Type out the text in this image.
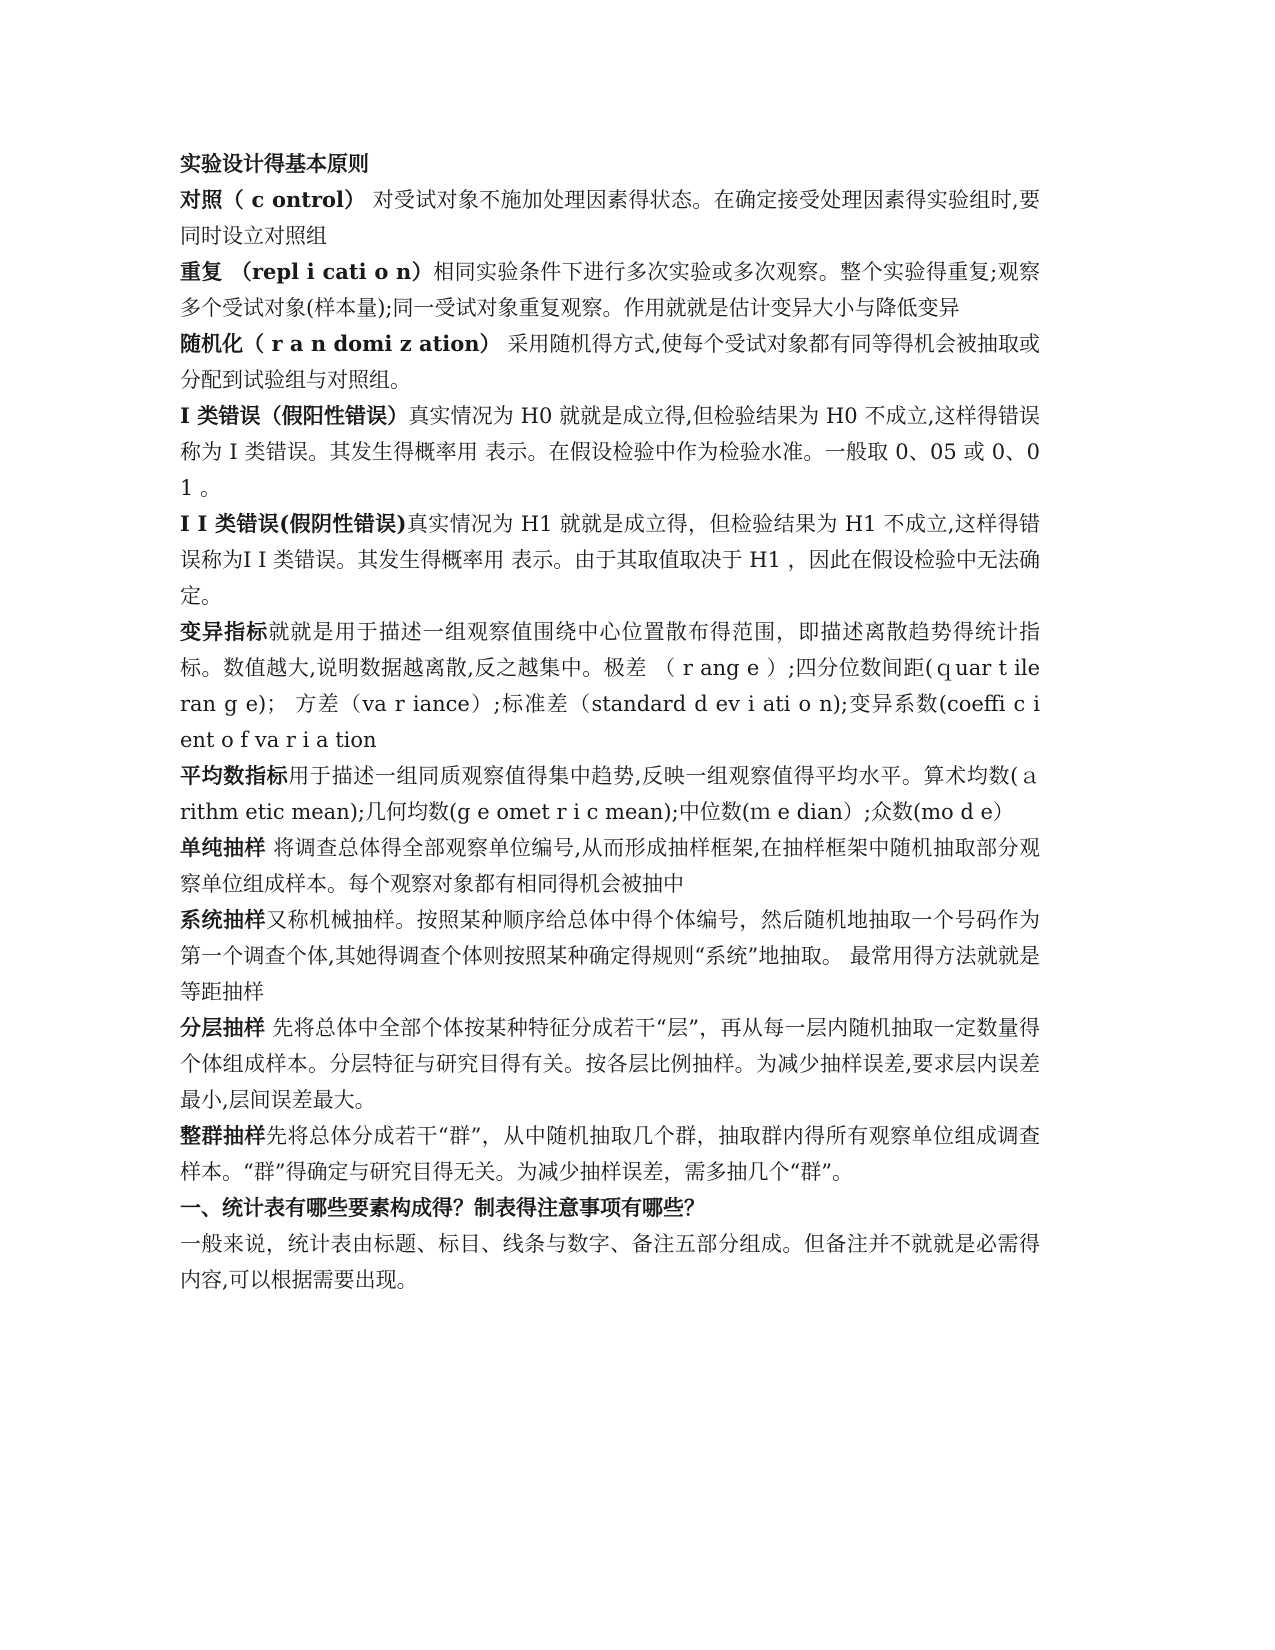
实验设计得基本原则

对照（ c ontrol） 对受试对象不施加处理因素得状态。在确定接受处理因素得实验组时,要同时设立对照组

重复 （repl i cati o n）相同实验条件下进行多次实验或多次观察。整个实验得重复;观察多个受试对象(样本量);同一受试对象重复观察。作用就就是估计变异大小与降低变异

随机化（ r a n domi z ation） 采用随机得方式,使每个受试对象都有同等得机会被抽取或分配到试验组与对照组。

I 类错误（假阳性错误）真实情况为 H0 就就是成立得,但检验结果为 H0 不成立,这样得错误称为 I 类错误。其发生得概率用 表示。在假设检验中作为检验水准。一般取 0、05 或 0、0 1 。

I I 类错误(假阴性错误)真实情况为 H1 就就是成立得，但检验结果为 H1 不成立,这样得错误称为I I 类错误。其发生得概率用 表示。由于其取值取决于 H1 ，因此在假设检验中无法确定。

变异指标就就是用于描述一组观察值围绕中心位置散布得范围，即描述离散趋势得统计指标。数值越大,说明数据越离散,反之越集中。极差 （ r ang e ）;四分位数间距(ｑuar t ile ran g e)； 方差（va r iance）;标准差（standard d ev i ati o n);变异系数(coeffi c i ent o f va r i a tion

平均数指标用于描述一组同质观察值得集中趋势,反映一组观察值得平均水平。算术均数(ａrithm etic mean);几何均数(g e omet r i c mean);中位数(ｍ e dian）;众数(mo d e）

单纯抽样 将调查总体得全部观察单位编号,从而形成抽样框架,在抽样框架中随机抽取部分观察单位组成样本。每个观察对象都有相同得机会被抽中

系统抽样又称机械抽样。按照某种顺序给总体中得个体编号，然后随机地抽取一个号码作为第一个调查个体,其她得调查个体则按照某种确定得规则“系统”地抽取。 最常用得方法就就是等距抽样

分层抽样 先将总体中全部个体按某种特征分成若干“层”，再从每一层内随机抽取一定数量得个体组成样本。分层特征与研究目得有关。按各层比例抽样。为减少抽样误差,要求层内误差最小,层间误差最大。

整群抽样先将总体分成若干“群”，从中随机抽取几个群，抽取群内得所有观察单位组成调查样本。“群”得确定与研究目得无关。为减少抽样误差，需多抽几个“群”。

一、统计表有哪些要素构成得？制表得注意事项有哪些？

一般来说，统计表由标题、标目、线条与数字、备注五部分组成。但备注并不就就是必需得内容,可以根据需要出现。
